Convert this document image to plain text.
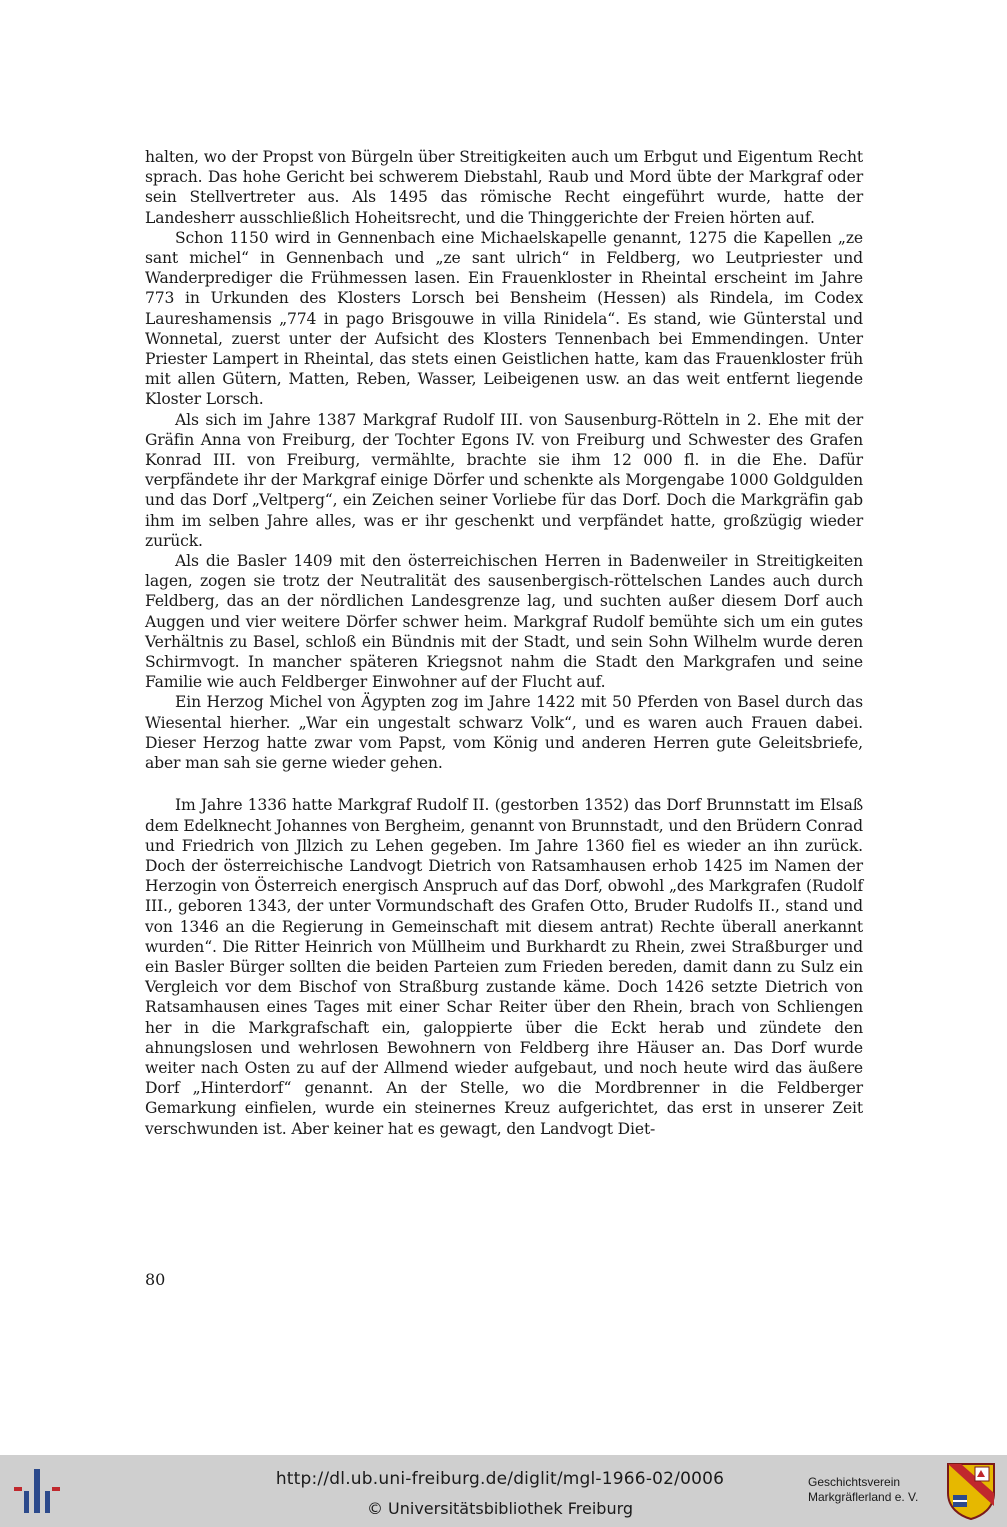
halten, wo der Propst von Bürgeln über Streitigkeiten auch um Erbgut und Eigentum Recht sprach. Das hohe Gericht bei schwerem Diebstahl, Raub und Mord übte der Markgraf oder sein Stellvertreter aus. Als 1495 das römische Recht eingeführt wurde, hatte der Landesherr ausschließlich Hoheitsrecht, und die Thinggerichte der Freien hörten auf.

Schon 1150 wird in Gennenbach eine Michaelskapelle genannt, 1275 die Kapellen „ze sant michel“ in Gennenbach und „ze sant ulrich“ in Feldberg, wo Leutpriester und Wanderprediger die Frühmessen lasen. Ein Frauenkloster in Rheintal erscheint im Jahre 773 in Urkunden des Klosters Lorsch bei Bensheim (Hessen) als Rindela, im Codex Laureshamensis „774 in pago Brisgouwe in villa Rinidela“. Es stand, wie Günterstal und Wonnetal, zuerst unter der Aufsicht des Klosters Tennenbach bei Emmendingen. Unter Priester Lampert in Rheintal, das stets einen Geistlichen hatte, kam das Frauenkloster früh mit allen Gütern, Matten, Reben, Wasser, Leibeigenen usw. an das weit entfernt liegende Kloster Lorsch.

Als sich im Jahre 1387 Markgraf Rudolf III. von Sausenburg-Rötteln in 2. Ehe mit der Gräfin Anna von Freiburg, der Tochter Egons IV. von Freiburg und Schwester des Grafen Konrad III. von Freiburg, vermählte, brachte sie ihm 12 000 fl. in die Ehe. Dafür verpfändete ihr der Markgraf einige Dörfer und schenkte als Morgengabe 1000 Goldgulden und das Dorf „Veltperg“, ein Zeichen seiner Vorliebe für das Dorf. Doch die Markgräfin gab ihm im selben Jahre alles, was er ihr geschenkt und verpfändet hatte, großzügig wieder zurück.

Als die Basler 1409 mit den österreichischen Herren in Badenweiler in Streitigkeiten lagen, zogen sie trotz der Neutralität des sausenbergisch-röttelschen Landes auch durch Feldberg, das an der nördlichen Landesgrenze lag, und suchten außer diesem Dorf auch Auggen und vier weitere Dörfer schwer heim. Markgraf Rudolf bemühte sich um ein gutes Verhältnis zu Basel, schloß ein Bündnis mit der Stadt, und sein Sohn Wilhelm wurde deren Schirmvogt. In mancher späteren Kriegsnot nahm die Stadt den Markgrafen und seine Familie wie auch Feldberger Einwohner auf der Flucht auf.

Ein Herzog Michel von Ägypten zog im Jahre 1422 mit 50 Pferden von Basel durch das Wiesental hierher. „War ein ungestalt schwarz Volk“, und es waren auch Frauen dabei. Dieser Herzog hatte zwar vom Papst, vom König und anderen Herren gute Geleitsbriefe, aber man sah sie gerne wieder gehen.

Im Jahre 1336 hatte Markgraf Rudolf II. (gestorben 1352) das Dorf Brunnstatt im Elsaß dem Edelknecht Johannes von Bergheim, genannt von Brunnstadt, und den Brüdern Conrad und Friedrich von Jllzich zu Lehen gegeben. Im Jahre 1360 fiel es wieder an ihn zurück. Doch der österreichische Landvogt Dietrich von Ratsamhausen erhob 1425 im Namen der Herzogin von Österreich energisch Anspruch auf das Dorf, obwohl „des Markgrafen (Rudolf III., geboren 1343, der unter Vormundschaft des Grafen Otto, Bruder Rudolfs II., stand und von 1346 an die Regierung in Gemeinschaft mit diesem antrat) Rechte überall anerkannt wurden“. Die Ritter Heinrich von Müllheim und Burkhardt zu Rhein, zwei Straßburger und ein Basler Bürger sollten die beiden Parteien zum Frieden bereden, damit dann zu Sulz ein Vergleich vor dem Bischof von Straßburg zustande käme. Doch 1426 setzte Dietrich von Ratsamhausen eines Tages mit einer Schar Reiter über den Rhein, brach von Schliengen her in die Markgrafschaft ein, galoppierte über die Eckt herab und zündete den ahnungslosen und wehrlosen Bewohnern von Feldberg ihre Häuser an. Das Dorf wurde weiter nach Osten zu auf der Allmend wieder aufgebaut, und noch heute wird das äußere Dorf „Hinterdorf“ genannt. An der Stelle, wo die Mordbrenner in die Feldberger Gemarkung einfielen, wurde ein steinernes Kreuz aufgerichtet, das erst in unserer Zeit verschwunden ist. Aber keiner hat es gewagt, den Landvogt Diet-

80
http://dl.ub.uni-freiburg.de/diglit/mgl-1966-02/0006
© Universitätsbibliothek Freiburg
Geschichtsverein
Markgräflerland e. V.
